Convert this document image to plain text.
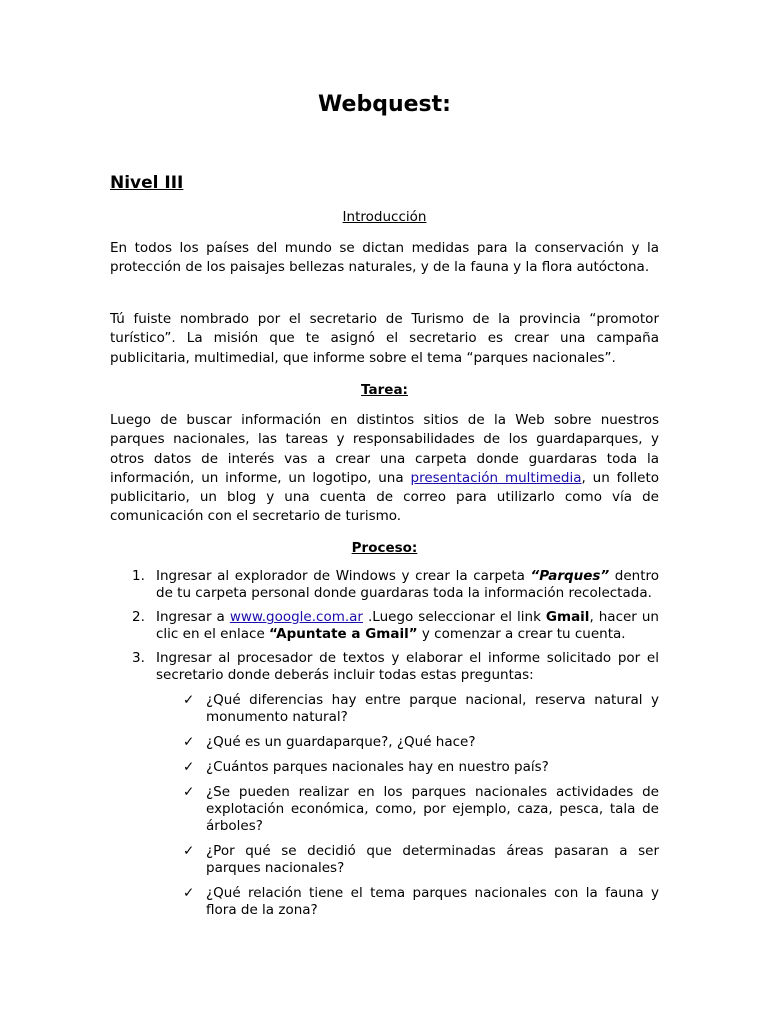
Webquest:
Nivel III
Introducción

En todos los países del mundo se dictan medidas para la conservación y la protección de los paisajes bellezas naturales, y de la fauna y la flora autóctona.

Tú fuiste nombrado por el secretario de Turismo de la provincia “promotor turístico”. La misión que te asignó el secretario es crear una campaña publicitaria, multimedial, que informe sobre el tema “parques nacionales”.

Tarea:

Luego de buscar información en distintos sitios de la Web sobre nuestros parques nacionales, las tareas y responsabilidades de los guardaparques, y otros datos de interés vas a crear una carpeta donde guardaras toda la información, un informe, un logotipo, una presentación multimedia, un folleto publicitario, un blog y una cuenta de correo para utilizarlo como vía de comunicación con el secretario de turismo.

Proceso:
1. Ingresar al explorador de Windows y crear la carpeta “Parques” dentro de tu carpeta personal donde guardaras toda la información recolectada.
2. Ingresar a www.google.com.ar .Luego seleccionar el link Gmail, hacer un clic en el enlace “Apuntate a Gmail” y comenzar a crear tu cuenta.
3. Ingresar al procesador de textos y elaborar el informe solicitado por el secretario donde deberás incluir todas estas preguntas:
✓ ¿Qué diferencias hay entre parque nacional, reserva natural y monumento natural?
✓ ¿Qué es un guardaparque?, ¿Qué hace?
✓ ¿Cuántos parques nacionales hay en nuestro país?
✓ ¿Se pueden realizar en los parques nacionales actividades de explotación económica, como, por ejemplo, caza, pesca, tala de árboles?
✓ ¿Por qué se decidió que determinadas áreas pasaran a ser parques nacionales?
✓ ¿Qué relación tiene el tema parques nacionales con la fauna y flora de la zona?
